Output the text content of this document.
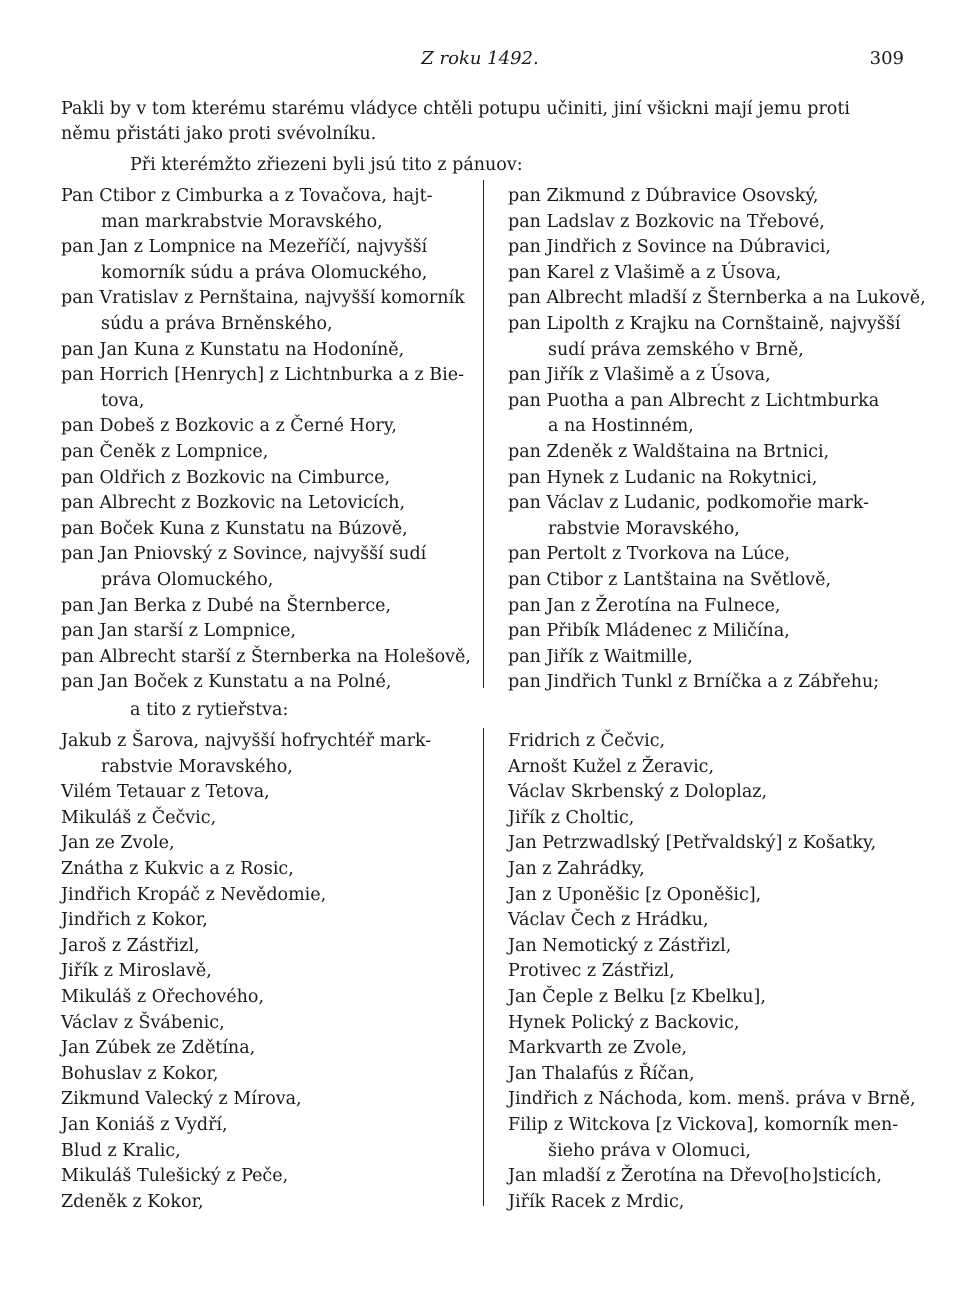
Z roku 1492.	309
Pakli by v tom kterému starému vládyce chtěli potupu učiniti, jiní všickni mají jemu proti
němu přistáti jako proti svévolníku.
Při kterémžto zřiezeni byli jsú tito z pánuov:
Pan Ctibor z Cimburka a z Tovačova, hajt-
man markrabstvie Moravského,
pan Jan z Lompnice na Mezeříčí, najvyšší
komorník súdu a práva Olomuckého,
pan Vratislav z Pernštaina, najvyšší komorník
súdu a práva Brněnského,
pan Jan Kuna z Kunstatu na Hodoníně,
pan Horrich [Henrych] z Lichtnburka a z Bie-
tova,
pan Dobeš z Bozkovic a z Černé Hory,
pan Čeněk z Lompnice,
pan Oldřich z Bozkovic na Cimburce,
pan Albrecht z Bozkovic na Letovicích,
pan Boček Kuna z Kunstatu na Búzově,
pan Jan Pniovský z Sovince, najvyšší sudí
práva Olomuckého,
pan Jan Berka z Dubé na Šternberce,
pan Jan starší z Lompnice,
pan Albrecht starší z Šternberka na Holešově,
pan Jan Boček z Kunstatu a na Polné,
pan Zikmund z Dúbravice Osovský,
pan Ladslav z Bozkovic na Třebové,
pan Jindřich z Sovince na Dúbravici,
pan Karel z Vlašimě a z Úsova,
pan Albrecht mladší z Šternberka a na Lukově,
pan Lipolth z Krajku na Cornštaině, najvyšší
sudí práva zemského v Brně,
pan Jiřík z Vlašimě a z Úsova,
pan Puotha a pan Albrecht z Lichtmburka
a na Hostinném,
pan Zdeněk z Waldštaina na Brtnici,
pan Hynek z Ludanic na Rokytnici,
pan Václav z Ludanic, podkomořie mark-
rabstvie Moravského,
pan Pertolt z Tvorkova na Lúce,
pan Ctibor z Lantštaina na Světlově,
pan Jan z Žerotína na Fulnece,
pan Přibík Mládenec z Miličína,
pan Jiřík z Waitmille,
pan Jindřich Tunkl z Brníčka a z Zábřehu;
a tito z rytieřstva:
Jakub z Šarova, najvyšší hofrychtéř mark-
rabstvie Moravského,
Vilém Tetauar z Tetova,
Mikuláš z Čečvic,
Jan ze Zvole,
Znátha z Kukvic a z Rosic,
Jindřich Kropáč z Nevědomie,
Jindřich z Kokor,
Jaroš z Zástřizl,
Jiřík z Miroslavě,
Mikuláš z Ořechového,
Václav z Švábenic,
Jan Zúbek ze Zdětína,
Bohuslav z Kokor,
Zikmund Valecký z Mírova,
Jan Koniáš z Vydří,
Blud z Kralic,
Mikuláš Tulešický z Peče,
Zdeněk z Kokor,
Fridrich z Čečvic,
Arnošt Kužel z Žeravic,
Václav Skrbenský z Doloplaz,
Jiřík z Choltic,
Jan Petrzwadlský [Petřvaldský] z Košatky,
Jan z Zahrádky,
Jan z Uponěšic [z Oponěšic],
Václav Čech z Hrádku,
Jan Nemotický z Zástřizl,
Protivec z Zástřizl,
Jan Čeple z Belku [z Kbelku],
Hynek Polický z Backovic,
Markvarth ze Zvole,
Jan Thalafús z Říčan,
Jindřich z Náchoda, kom. menš. práva v Brně,
Filip z Witckova [z Vickova], komorník men-
šieho práva v Olomuci,
Jan mladší z Žerotína na Dřevo[ho]sticích,
Jiřík Racek z Mrdic,
